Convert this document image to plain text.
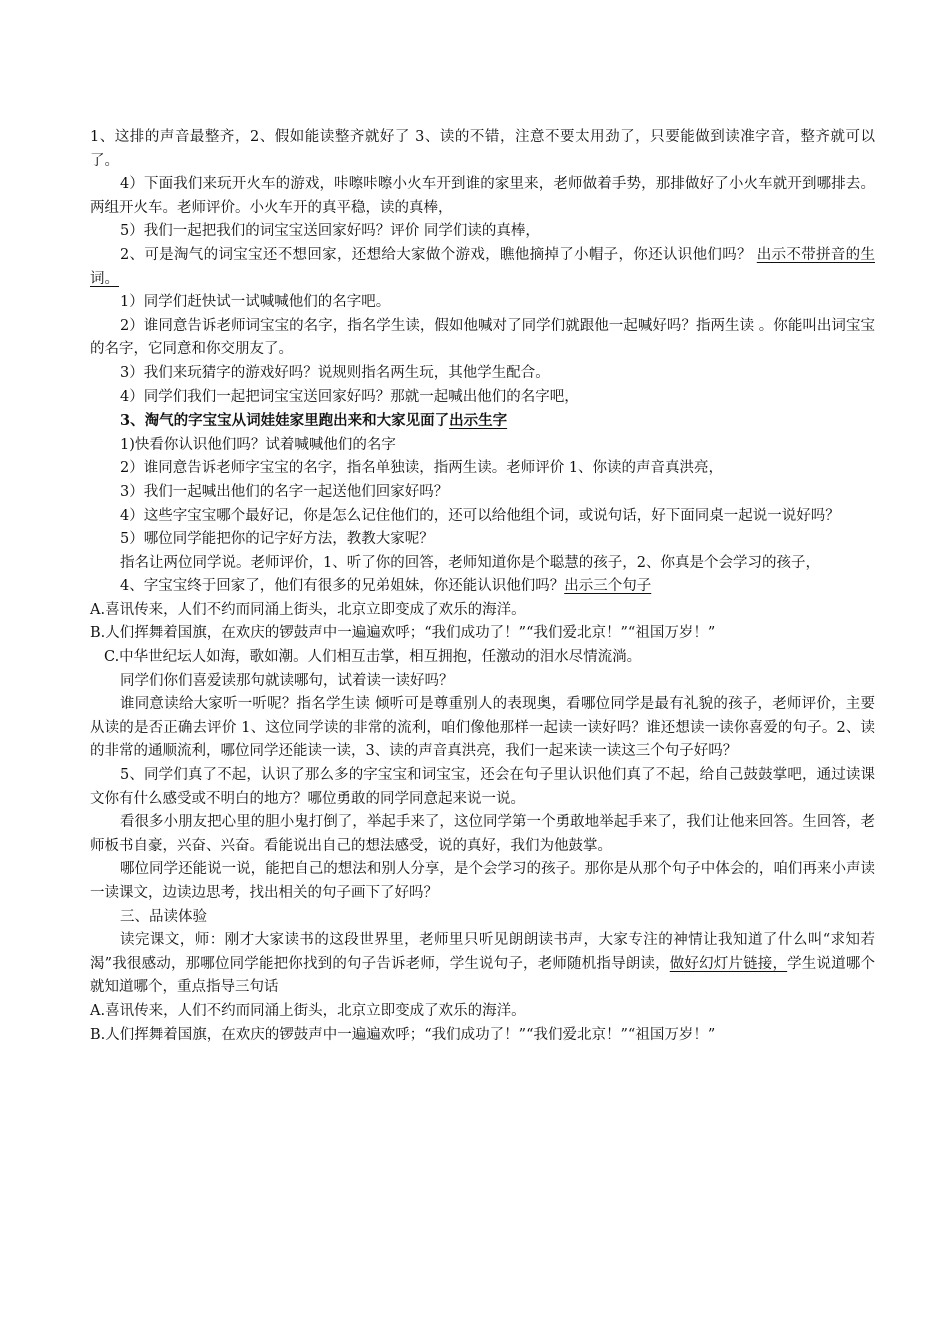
1、这排的声音最整齐，2、假如能读整齐就好了 3、读的不错，注意不要太用劲了，只要能做到读准字音，整齐就可以了。

4）下面我们来玩开火车的游戏，咔嚓咔嚓小火车开到谁的家里来，老师做着手势，那排做好了小火车就开到哪排去。两组开火车。老师评价。小火车开的真平稳，读的真棒，

5）我们一起把我们的词宝宝送回家好吗？评价 同学们读的真棒，

2、可是淘气的词宝宝还不想回家，还想给大家做个游戏，瞧他摘掉了小帽子，你还认识他们吗？ 出示不带拼音的生词。

1）同学们赶快试一试喊喊他们的名字吧。

2）谁同意告诉老师词宝宝的名字，指名学生读，假如他喊对了同学们就跟他一起喊好吗？指两生读 。你能叫出词宝宝的名字，它同意和你交朋友了。

3）我们来玩猜字的游戏好吗？说规则指名两生玩，其他学生配合。

4）同学们我们一起把词宝宝送回家好吗？那就一起喊出他们的名字吧，

3、淘气的字宝宝从词娃娃家里跑出来和大家见面了出示生字

1)快看你认识他们吗？试着喊喊他们的名字

2）谁同意告诉老师字宝宝的名字，指名单独读，指两生读。老师评价 1、你读的声音真洪亮，

3）我们一起喊出他们的名字一起送他们回家好吗？

4）这些字宝宝哪个最好记，你是怎么记住他们的，还可以给他组个词，或说句话，好下面同桌一起说一说好吗？

5）哪位同学能把你的记字好方法，教教大家呢？

指名让两位同学说。老师评价，1、听了你的回答，老师知道你是个聪慧的孩子，2、你真是个会学习的孩子，

4、字宝宝终于回家了，他们有很多的兄弟姐妹，你还能认识他们吗？出示三个句子

A.喜讯传来，人们不约而同涌上街头，北京立即变成了欢乐的海洋。

B.人们挥舞着国旗，在欢庆的锣鼓声中一遍遍欢呼；“我们成功了！”“我们爱北京！”“祖国万岁！”

C.中华世纪坛人如海，歌如潮。人们相互击掌，相互拥抱，任激动的泪水尽情流淌。

同学们你们喜爱读那句就读哪句，试着读一读好吗？

谁同意读给大家听一听呢？指名学生读 倾听可是尊重别人的表现奥，看哪位同学是最有礼貌的孩子，老师评价，主要从读的是否正确去评价 1、这位同学读的非常的流利，咱们像他那样一起读一读好吗？谁还想读一读你喜爱的句子。2、读的非常的通顺流利，哪位同学还能读一读，3、读的声音真洪亮，我们一起来读一读这三个句子好吗？

5、同学们真了不起，认识了那么多的字宝宝和词宝宝，还会在句子里认识他们真了不起，给自己鼓鼓掌吧，通过读课文你有什么感受或不明白的地方？哪位勇敢的同学同意起来说一说。

看很多小朋友把心里的胆小鬼打倒了，举起手来了，这位同学第一个勇敢地举起手来了，我们让他来回答。生回答，老师板书自豪，兴奋、兴奋。看能说出自己的想法感受，说的真好，我们为他鼓掌。

哪位同学还能说一说，能把自己的想法和别人分享，是个会学习的孩子。那你是从那个句子中体会的，咱们再来小声读一读课文，边读边思考，找出相关的句子画下了好吗？

三、品读体验

读完课文，师：刚才大家读书的这段世界里，老师里只听见朗朗读书声，大家专注的神情让我知道了什么叫“求知若渴”我很感动，那哪位同学能把你找到的句子告诉老师，学生说句子，老师随机指导朗读，做好幻灯片链接，学生说道哪个就知道哪个，重点指导三句话

A.喜讯传来，人们不约而同涌上街头，北京立即变成了欢乐的海洋。

B.人们挥舞着国旗，在欢庆的锣鼓声中一遍遍欢呼；“我们成功了！”“我们爱北京！”“祖国万岁！”
